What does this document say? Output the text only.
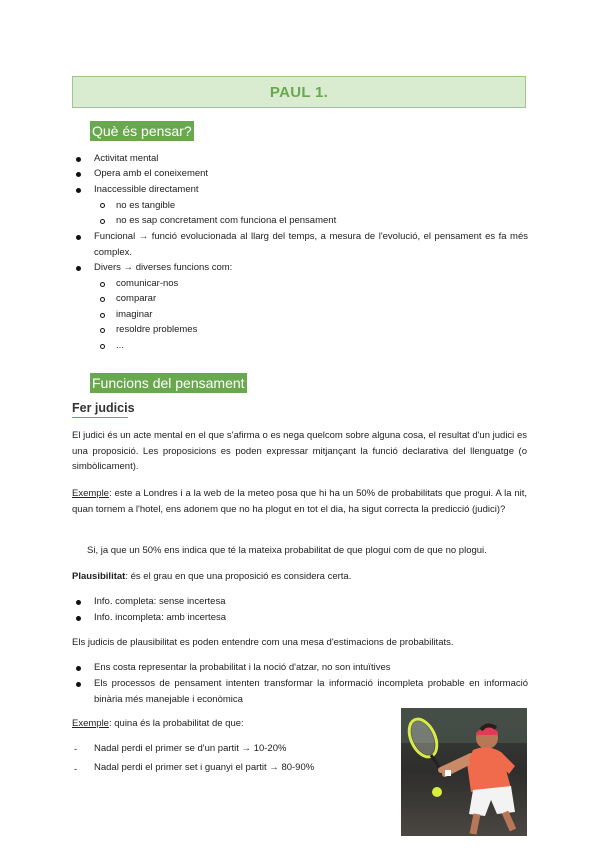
PAUL 1.
Què és pensar?
Activitat mental
Opera amb el coneixement
Inaccessible directament
no es tangible
no es sap concretament com funciona el pensament
Funcional → funció evolucionada al llarg del temps, a mesura de l'evolució, el pensament es fa més complex.
Divers → diverses funcions com:
comunicar-nos
comparar
imaginar
resoldre problemes
...
Funcions del pensament
Fer judicis
El judici és un acte mental en el que s'afirma o es nega quelcom sobre alguna cosa, el resultat d'un judici es una proposició. Les proposicions es poden expressar mitjançant la funció declarativa del llenguatge (o simbòlicament).
Exemple: este a Londres i a la web de la meteo posa que hi ha un 50% de probabilitats que progui. A la nit, quan tornem a l'hotel, ens adonem que no ha plogut en tot el dia, ha sigut correcta la predicció (judici)?
Si, ja que un 50% ens indica que té la mateixa probabilitat de que plogui com de que no plogui.
Plausibilitat: és el grau en que una proposició es considera certa.
Info. completa: sense incertesa
Info. incompleta: amb incertesa
Els judicis de plausibilitat es poden entendre com una mesa d'estimacions de probabilitats.
Ens costa representar la probabilitat i la noció d'atzar, no son intuïtives
Els processos de pensament intenten transformar la informació incompleta probable en informació binària més manejable i econòmica
Exemple: quina és la probabilitat de que:
- Nadal perdi el primer se d'un partit → 10-20%
- Nadal perdi el primer set i guanyi el partit → 80-90%
